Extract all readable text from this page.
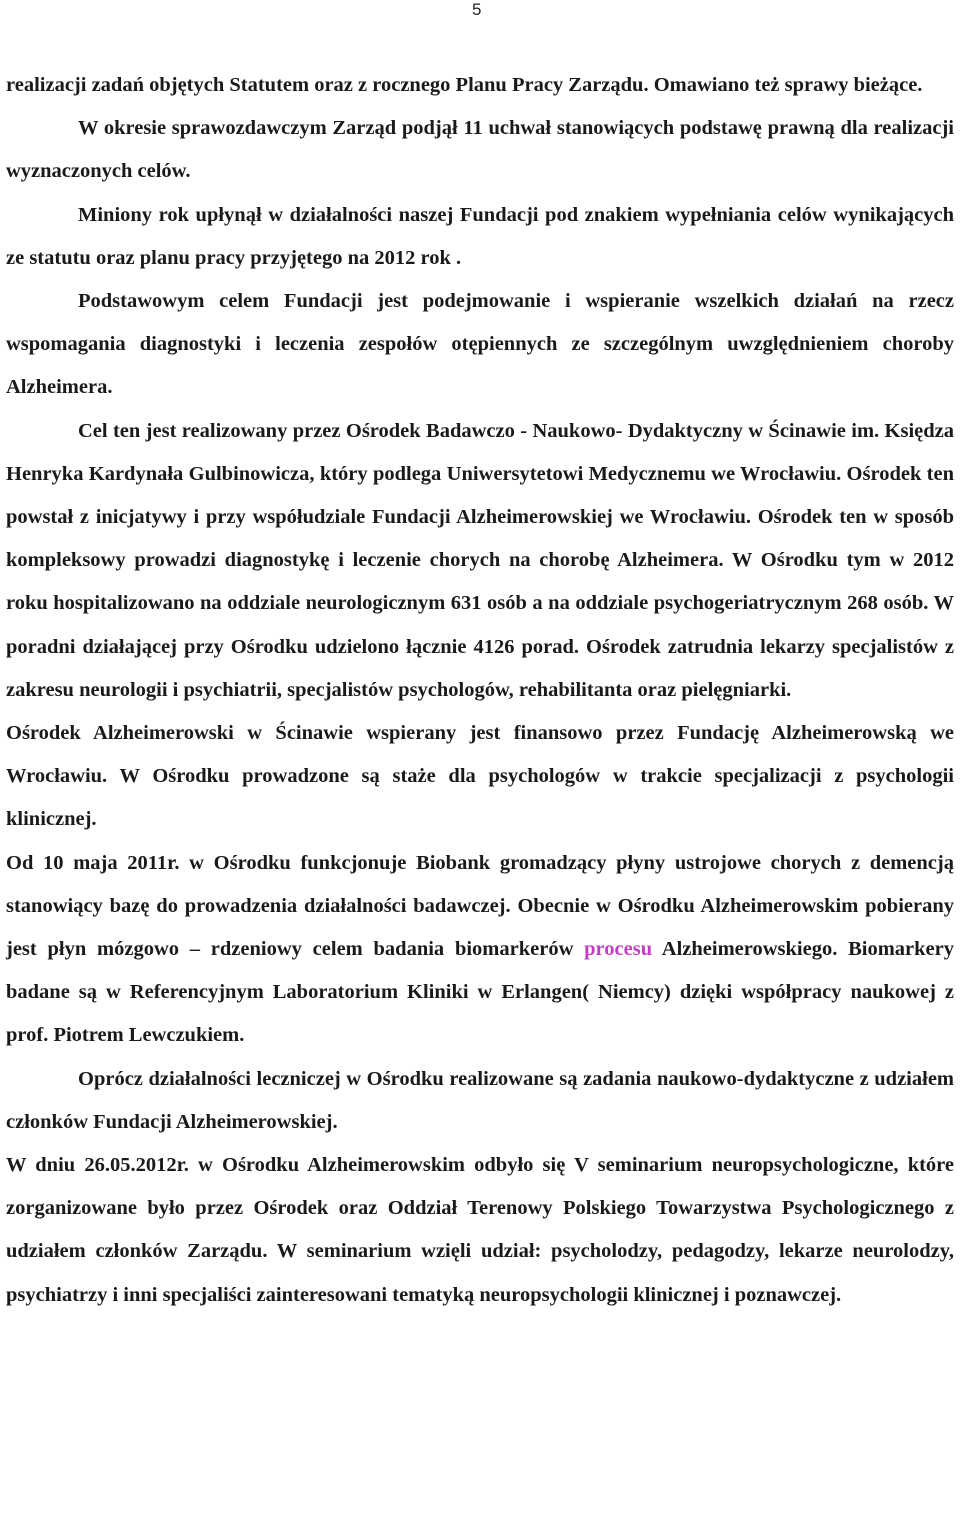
5

realizacji zadań objętych Statutem oraz z rocznego Planu Pracy Zarządu. Omawiano też sprawy bieżące.

W okresie sprawozdawczym Zarząd podjął 11 uchwał stanowiących podstawę prawną dla realizacji wyznaczonych celów.

Miniony rok upłynął w działalności naszej Fundacji pod znakiem wypełniania celów wynikających ze statutu oraz planu pracy przyjętego na 2012 rok .

Podstawowym celem Fundacji jest podejmowanie i wspieranie wszelkich działań na rzecz wspomagania diagnostyki i leczenia zespołów otępiennych ze szczególnym uwzględnieniem choroby Alzheimera.

Cel ten jest realizowany przez Ośrodek Badawczo - Naukowo- Dydaktyczny w Ścinawie im. Księdza Henryka Kardynała Gulbinowicza, który podlega Uniwersytetowi Medycznemu we Wrocławiu. Ośrodek ten powstał z inicjatywy i przy współudziale Fundacji Alzheimerowskiej we Wrocławiu. Ośrodek ten w sposób kompleksowy prowadzi diagnostykę i leczenie chorych na chorobę Alzheimera. W Ośrodku tym w 2012 roku hospitalizowano na oddziale neurologicznym 631 osób a na oddziale psychogeriatrycznym 268 osób. W poradni działającej przy Ośrodku udzielono łącznie 4126 porad. Ośrodek zatrudnia lekarzy specjalistów z zakresu neurologii i psychiatrii, specjalistów psychologów, rehabilitanta oraz pielęgniarki.

Ośrodek Alzheimerowski w Ścinawie wspierany jest finansowo przez Fundację Alzheimerowską we Wrocławiu. W Ośrodku prowadzone są staże dla psychologów w trakcie specjalizacji z psychologii klinicznej.

Od 10 maja 2011r. w Ośrodku funkcjonuje Biobank gromadzący płyny ustrojowe chorych z demencją stanowiący bazę do prowadzenia działalności badawczej. Obecnie w Ośrodku Alzheimerowskim pobierany jest płyn mózgowo – rdzeniowy celem badania biomarkerów procesu Alzheimerowskiego. Biomarkery badane są w Referencyjnym Laboratorium Kliniki w Erlangen( Niemcy) dzięki współpracy naukowej z prof. Piotrem Lewczukiem.

Oprócz działalności leczniczej w Ośrodku realizowane są zadania naukowo-dydaktyczne z udziałem członków Fundacji Alzheimerowskiej.

W dniu 26.05.2012r. w Ośrodku Alzheimerowskim odbyło się V seminarium neuropsychologiczne, które zorganizowane było przez Ośrodek oraz Oddział Terenowy Polskiego Towarzystwa Psychologicznego z udziałem członków Zarządu. W seminarium wzięli udział: psycholodzy, pedagodzy, lekarze neurolodzy, psychiatrzy i inni specjaliści zainteresowani tematyką neuropsychologii klinicznej i poznawczej.
